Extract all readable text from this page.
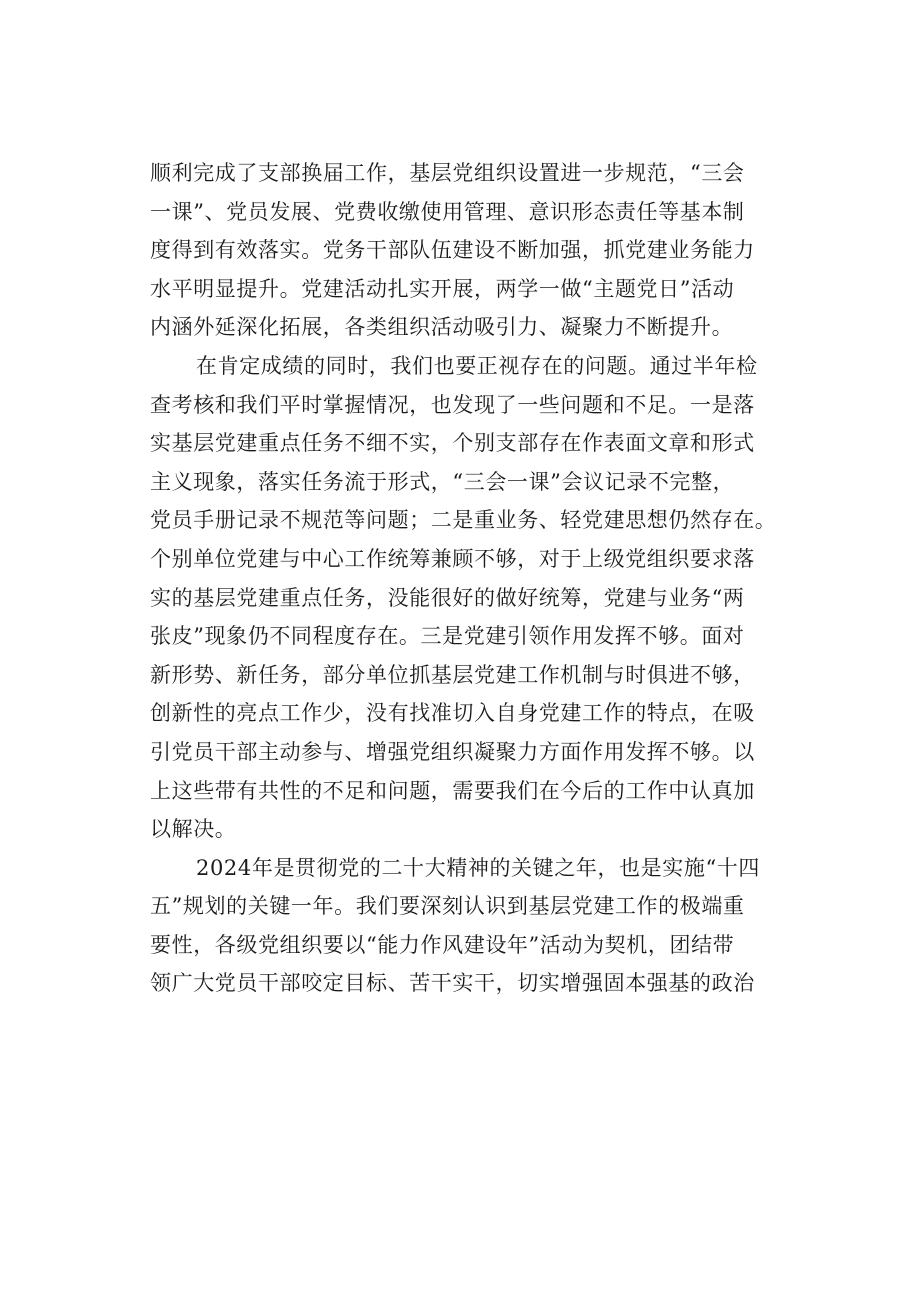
顺利完成了支部换届工作，基层党组织设置进一步规范，“三会
一课”、党员发展、党费收缴使用管理、意识形态责任等基本制
度得到有效落实。党务干部队伍建设不断加强，抓党建业务能力
水平明显提升。党建活动扎实开展，两学一做“主题党日”活动
内涵外延深化拓展，各类组织活动吸引力、凝聚力不断提升。
在肯定成绩的同时，我们也要正视存在的问题。通过半年检
查考核和我们平时掌握情况，也发现了一些问题和不足。一是落
实基层党建重点任务不细不实，个别支部存在作表面文章和形式
主义现象，落实任务流于形式，“三会一课”会议记录不完整，
党员手册记录不规范等问题；二是重业务、轻党建思想仍然存在。
个别单位党建与中心工作统筹兼顾不够，对于上级党组织要求落
实的基层党建重点任务，没能很好的做好统筹，党建与业务“两
张皮”现象仍不同程度存在。三是党建引领作用发挥不够。面对
新形势、新任务，部分单位抓基层党建工作机制与时俱进不够，
创新性的亮点工作少，没有找准切入自身党建工作的特点，在吸
引党员干部主动参与、增强党组织凝聚力方面作用发挥不够。以
上这些带有共性的不足和问题，需要我们在今后的工作中认真加
以解决。
2024年是贯彻党的二十大精神的关键之年，也是实施“十四
五”规划的关键一年。我们要深刻认识到基层党建工作的极端重
要性，各级党组织要以“能力作风建设年”活动为契机，团结带
领广大党员干部咬定目标、苦干实干，切实增强固本强基的政治
